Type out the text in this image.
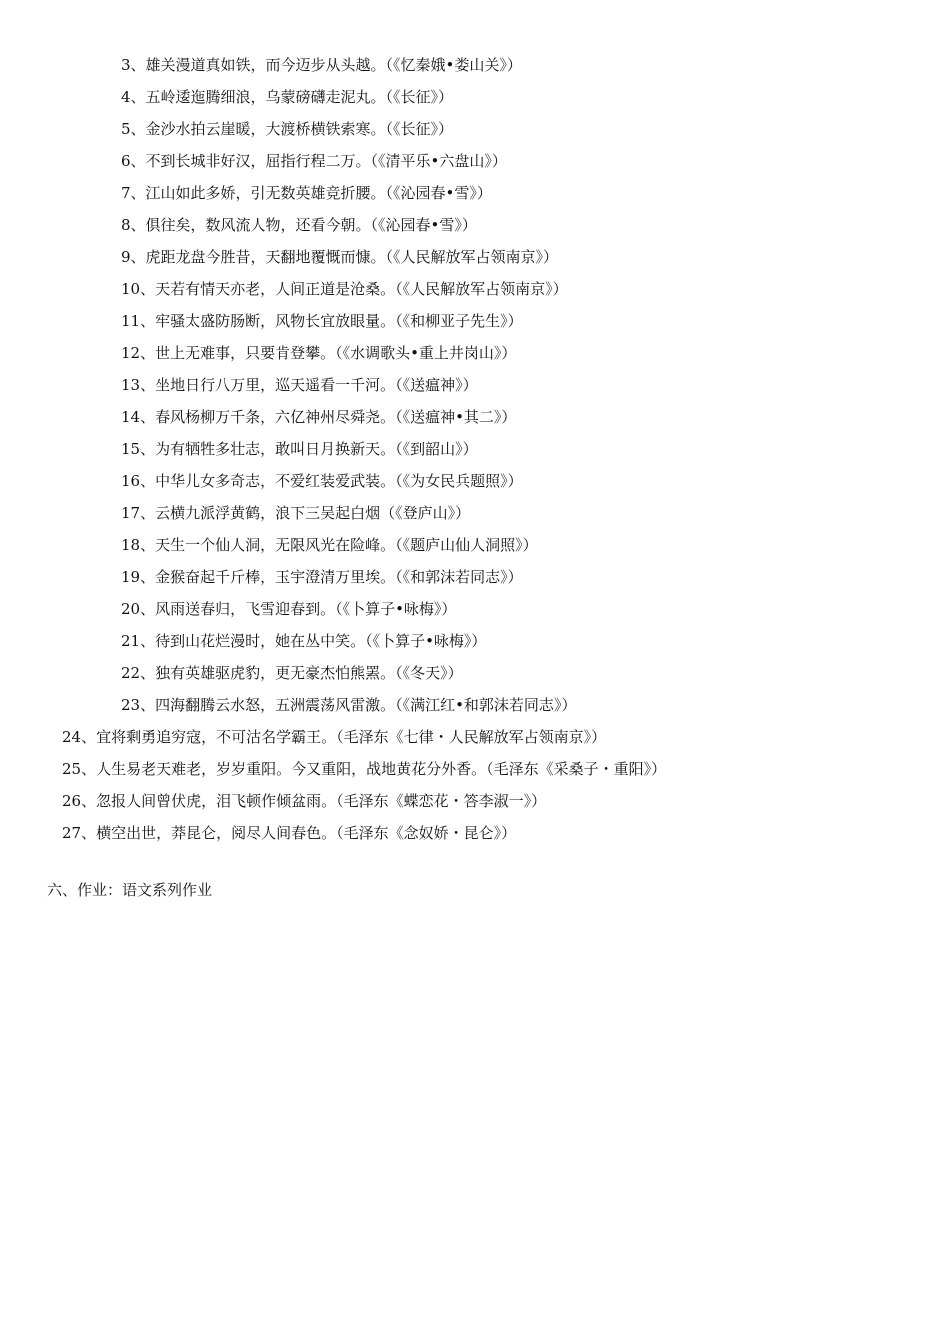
3、雄关漫道真如铁，而今迈步从头越。（《忆秦娥•娄山关》）
4、五岭逶迤腾细浪，乌蒙磅礴走泥丸。（《长征》）
5、金沙水拍云崖暖，大渡桥横铁索寒。（《长征》）
6、不到长城非好汉，屈指行程二万。（《清平乐•六盘山》）
7、江山如此多娇，引无数英雄竞折腰。（《沁园春•雪》）
8、俱往矣，数风流人物，还看今朝。（《沁园春•雪》）
9、虎距龙盘今胜昔，天翻地覆慨而慷。（《人民解放军占领南京》）
10、天若有情天亦老，人间正道是沧桑。（《人民解放军占领南京》）
11、牢骚太盛防肠断，风物长宜放眼量。（《和柳亚子先生》）
12、世上无难事，只要肯登攀。（《水调歌头•重上井岗山》）
13、坐地日行八万里，巡天遥看一千河。（《送瘟神》）
14、春风杨柳万千条，六亿神州尽舜尧。（《送瘟神•其二》）
15、为有牺牲多壮志，敢叫日月换新天。（《到韶山》）
16、中华儿女多奇志，不爱红装爱武装。（《为女民兵题照》）
17、云横九派浮黄鹤，浪下三吴起白烟（《登庐山》）
18、天生一个仙人洞，无限风光在险峰。（《题庐山仙人洞照》）
19、金猴奋起千斤棒，玉宇澄清万里埃。（《和郭沫若同志》）
20、风雨送春归，飞雪迎春到。（《卜算子•咏梅》）
21、待到山花烂漫时，她在丛中笑。（《卜算子•咏梅》）
22、独有英雄驱虎豹，更无豪杰怕熊罴。（《冬天》）
23、四海翻腾云水怒，五洲震荡风雷激。（《满江红•和郭沫若同志》）
24、宜将剩勇追穷寇，不可沽名学霸王。（毛泽东《七律・人民解放军占领南京》）
25、人生易老天难老，岁岁重阳。今又重阳，战地黄花分外香。（毛泽东《采桑子・重阳》）
26、忽报人间曾伏虎，泪飞顿作倾盆雨。（毛泽东《蝶恋花・答李淑一》）
27、横空出世，莽昆仑，阅尽人间春色。（毛泽东《念奴娇・昆仑》）
六、作业：语文系列作业
